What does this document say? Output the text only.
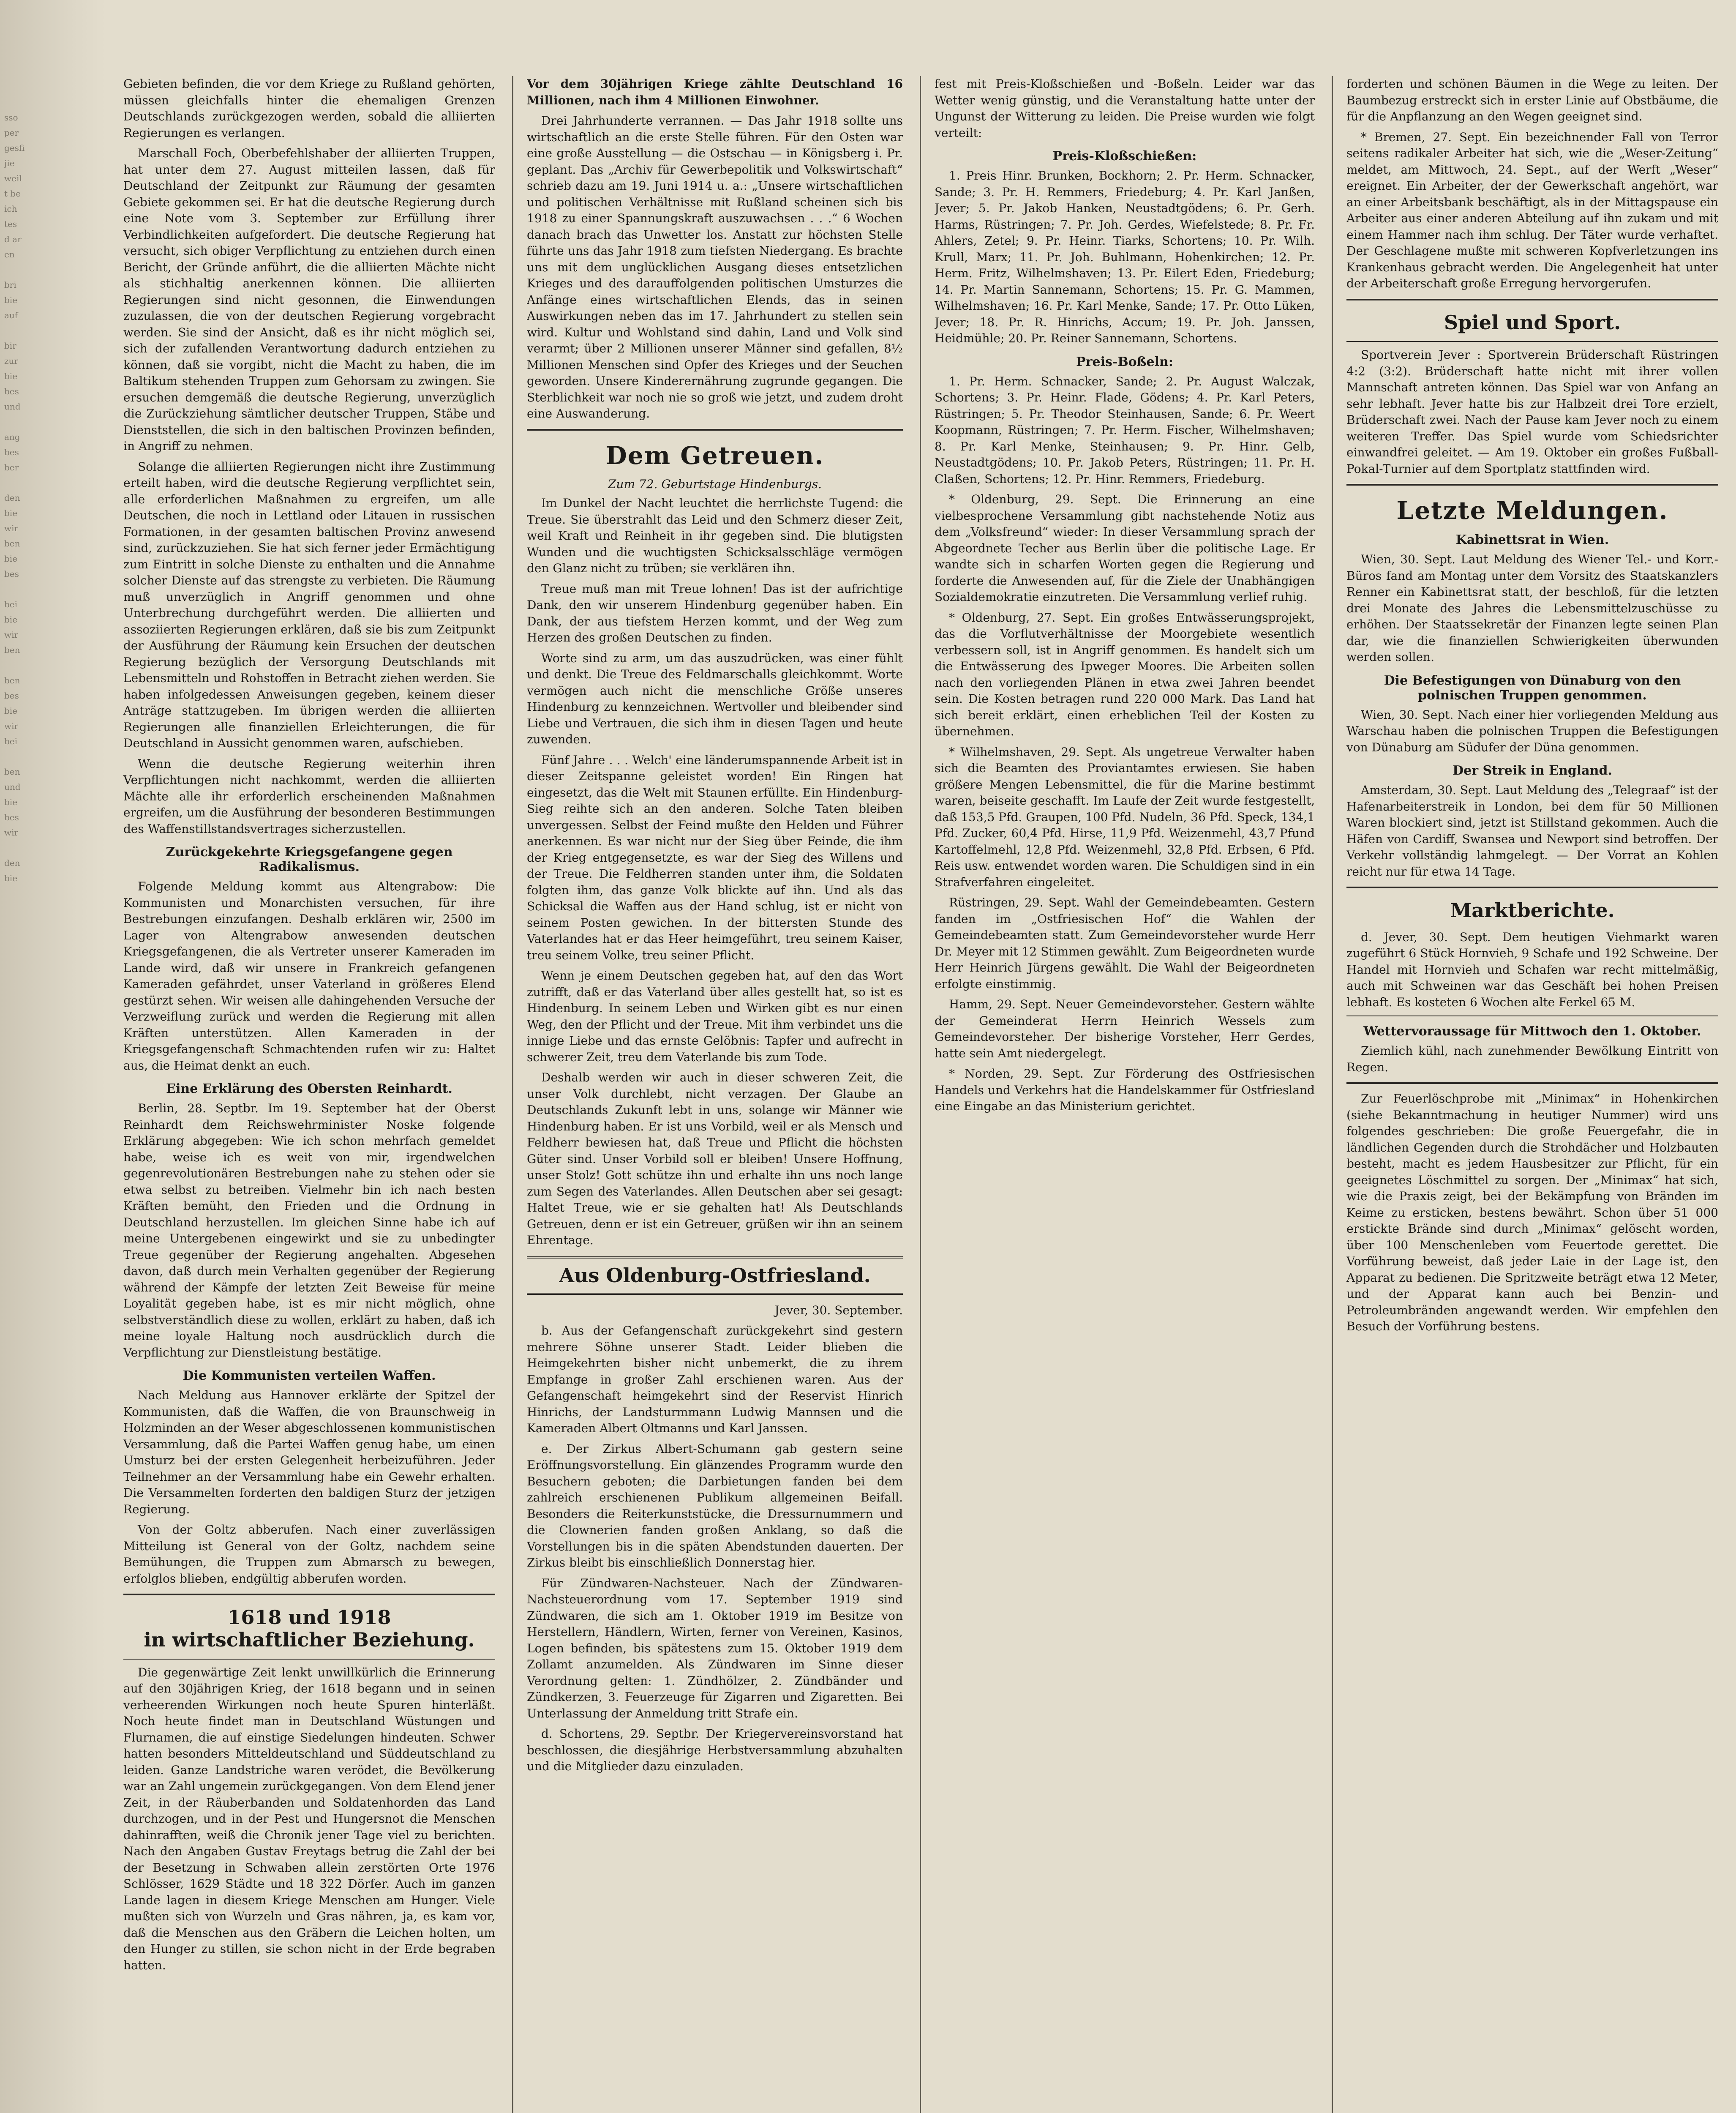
sso
per
gesfi
jie
weil
t be
ich
tes
d ar
en

bri
bie
auf

bir
zur
bie
bes
und

ang
bes
ber

den
bie
wir
ben
bie
bes

bei
bie
wir
ben

ben
bes
bie
wir
bei

ben
und
bie
bes
wir

den
bie

Gebieten befinden, die vor dem Kriege zu Rußland gehörten, müssen gleichfalls hinter die ehemaligen Grenzen Deutschlands zurückgezogen werden, sobald die alliierten Regierungen es verlangen.

Marschall Foch, Oberbefehlshaber der alliierten Truppen, hat unter dem 27. August mitteilen lassen, daß für Deutschland der Zeitpunkt zur Räumung der gesamten Gebiete gekommen sei. Er hat die deutsche Regierung durch eine Note vom 3. September zur Erfüllung ihrer Verbindlichkeiten aufgefordert. Die deutsche Regierung hat versucht, sich obiger Verpflichtung zu entziehen durch einen Bericht, der Gründe anführt, die die alliierten Mächte nicht als stichhaltig anerkennen können. Die alliierten Regierungen sind nicht gesonnen, die Einwendungen zuzulassen, die von der deutschen Regierung vorgebracht werden. Sie sind der Ansicht, daß es ihr nicht möglich sei, sich der zufallenden Verantwortung dadurch entziehen zu können, daß sie vorgibt, nicht die Macht zu haben, die im Baltikum stehenden Truppen zum Gehorsam zu zwingen. Sie ersuchen demgemäß die deutsche Regierung, unverzüglich die Zurückziehung sämtlicher deutscher Truppen, Stäbe und Dienststellen, die sich in den baltischen Provinzen befinden, in Angriff zu nehmen.

Solange die alliierten Regierungen nicht ihre Zustimmung erteilt haben, wird die deutsche Regierung verpflichtet sein, alle erforderlichen Maßnahmen zu ergreifen, um alle Deutschen, die noch in Lettland oder Litauen in russischen Formationen, in der gesamten baltischen Provinz anwesend sind, zurückzuziehen. Sie hat sich ferner jeder Ermächtigung zum Eintritt in solche Dienste zu enthalten und die Annahme solcher Dienste auf das strengste zu verbieten. Die Räumung muß unverzüglich in Angriff genommen und ohne Unterbrechung durchgeführt werden. Die alliierten und assoziierten Regierungen erklären, daß sie bis zum Zeitpunkt der Ausführung der Räumung kein Ersuchen der deutschen Regierung bezüglich der Versorgung Deutschlands mit Lebensmitteln und Rohstoffen in Betracht ziehen werden. Sie haben infolgedessen Anweisungen gegeben, keinem dieser Anträge stattzugeben. Im übrigen werden die alliierten Regierungen alle finanziellen Erleichterungen, die für Deutschland in Aussicht genommen waren, aufschieben.

Wenn die deutsche Regierung weiterhin ihren Verpflichtungen nicht nachkommt, werden die alliierten Mächte alle ihr erforderlich erscheinenden Maßnahmen ergreifen, um die Ausführung der besonderen Bestimmungen des Waffenstillstandsvertrages sicherzustellen.

Zurückgekehrte Kriegsgefangene gegen Radikalismus.

Folgende Meldung kommt aus Altengrabow: Die Kommunisten und Monarchisten versuchen, für ihre Bestrebungen einzufangen. Deshalb erklären wir, 2500 im Lager von Altengrabow anwesenden deutschen Kriegsgefangenen, die als Vertreter unserer Kameraden im Lande wird, daß wir unsere in Frankreich gefangenen Kameraden gefährdet, unser Vaterland in größeres Elend gestürzt sehen. Wir weisen alle dahingehenden Versuche der Verzweiflung zurück und werden die Regierung mit allen Kräften unterstützen. Allen Kameraden in der Kriegsgefangenschaft Schmachtenden rufen wir zu: Haltet aus, die Heimat denkt an euch.

Eine Erklärung des Obersten Reinhardt.

Berlin, 28. Septbr. Im 19. September hat der Oberst Reinhardt dem Reichswehrminister Noske folgende Erklärung abgegeben: Wie ich schon mehrfach gemeldet habe, weise ich es weit von mir, irgendwelchen gegenrevolutionären Bestrebungen nahe zu stehen oder sie etwa selbst zu betreiben. Vielmehr bin ich nach besten Kräften bemüht, den Frieden und die Ordnung in Deutschland herzustellen. Im gleichen Sinne habe ich auf meine Untergebenen eingewirkt und sie zu unbedingter Treue gegenüber der Regierung angehalten. Abgesehen davon, daß durch mein Verhalten gegenüber der Regierung während der Kämpfe der letzten Zeit Beweise für meine Loyalität gegeben habe, ist es mir nicht möglich, ohne selbstverständlich diese zu wollen, erklärt zu haben, daß ich meine loyale Haltung noch ausdrücklich durch die Verpflichtung zur Dienstleistung bestätige.

Die Kommunisten verteilen Waffen.

Nach Meldung aus Hannover erklärte der Spitzel der Kommunisten, daß die Waffen, die von Braunschweig in Holzminden an der Weser abgeschlossenen kommunistischen Versammlung, daß die Partei Waffen genug habe, um einen Umsturz bei der ersten Gelegenheit herbeizuführen. Jeder Teilnehmer an der Versammlung habe ein Gewehr erhalten. Die Versammelten forderten den baldigen Sturz der jetzigen Regierung.

Von der Goltz abberufen. Nach einer zuverlässigen Mitteilung ist General von der Goltz, nachdem seine Bemühungen, die Truppen zum Abmarsch zu bewegen, erfolglos blieben, endgültig abberufen worden.

1618 und 1918
in wirtschaftlicher Beziehung.

Die gegenwärtige Zeit lenkt unwillkürlich die Erinnerung auf den 30jährigen Krieg, der 1618 begann und in seinen verheerenden Wirkungen noch heute Spuren hinterläßt. Noch heute findet man in Deutschland Wüstungen und Flurnamen, die auf einstige Siedelungen hindeuten. Schwer hatten besonders Mitteldeutschland und Süddeutschland zu leiden. Ganze Landstriche waren verödet, die Bevölkerung war an Zahl ungemein zurückgegangen. Von dem Elend jener Zeit, in der Räuberbanden und Soldatenhorden das Land durchzogen, und in der Pest und Hungersnot die Menschen dahinrafften, weiß die Chronik jener Tage viel zu berichten. Nach den Angaben Gustav Freytags betrug die Zahl der bei der Besetzung in Schwaben allein zerstörten Orte 1976 Schlösser, 1629 Städte und 18 322 Dörfer. Auch im ganzen Lande lagen in diesem Kriege Menschen am Hunger. Viele mußten sich von Wurzeln und Gras nähren, ja, es kam vor, daß die Menschen aus den Gräbern die Leichen holten, um den Hunger zu stillen, sie schon nicht in der Erde begraben hatten.

Vor dem 30jährigen Kriege zählte Deutschland 16 Millionen, nach ihm 4 Millionen Einwohner.

Drei Jahrhunderte verrannen. — Das Jahr 1918 sollte uns wirtschaftlich an die erste Stelle führen. Für den Osten war eine große Ausstellung — die Ostschau — in Königsberg i. Pr. geplant. Das „Archiv für Gewerbepolitik und Volkswirtschaft“ schrieb dazu am 19. Juni 1914 u. a.: „Unsere wirtschaftlichen und politischen Verhältnisse mit Rußland scheinen sich bis 1918 zu einer Spannungskraft auszuwachsen . . .“ 6 Wochen danach brach das Unwetter los. Anstatt zur höchsten Stelle führte uns das Jahr 1918 zum tiefsten Niedergang. Es brachte uns mit dem unglücklichen Ausgang dieses entsetzlichen Krieges und des darauffolgenden politischen Umsturzes die Anfänge eines wirtschaftlichen Elends, das in seinen Auswirkungen neben das im 17. Jahrhundert zu stellen sein wird. Kultur und Wohlstand sind dahin, Land und Volk sind verarmt; über 2 Millionen unserer Männer sind gefallen, 8½ Millionen Menschen sind Opfer des Krieges und der Seuchen geworden. Unsere Kinderernährung zugrunde gegangen. Die Sterblichkeit war noch nie so groß wie jetzt, und zudem droht eine Auswanderung.

Dem Getreuen.
Zum 72. Geburtstage Hindenburgs.

Im Dunkel der Nacht leuchtet die herrlichste Tugend: die Treue. Sie überstrahlt das Leid und den Schmerz dieser Zeit, weil Kraft und Reinheit in ihr gegeben sind. Die blutigsten Wunden und die wuchtigsten Schicksalsschläge vermögen den Glanz nicht zu trüben; sie verklären ihn.

Treue muß man mit Treue lohnen! Das ist der aufrichtige Dank, den wir unserem Hindenburg gegenüber haben. Ein Dank, der aus tiefstem Herzen kommt, und der Weg zum Herzen des großen Deutschen zu finden.

Worte sind zu arm, um das auszudrücken, was einer fühlt und denkt. Die Treue des Feldmarschalls gleichkommt. Worte vermögen auch nicht die menschliche Größe unseres Hindenburg zu kennzeichnen. Wertvoller und bleibender sind Liebe und Vertrauen, die sich ihm in diesen Tagen und heute zuwenden.

Fünf Jahre . . . Welch' eine länderumspannende Arbeit ist in dieser Zeitspanne geleistet worden! Ein Ringen hat eingesetzt, das die Welt mit Staunen erfüllte. Ein Hindenburg-Sieg reihte sich an den anderen. Solche Taten bleiben unvergessen. Selbst der Feind mußte den Helden und Führer anerkennen. Es war nicht nur der Sieg über Feinde, die ihm der Krieg entgegensetzte, es war der Sieg des Willens und der Treue. Die Feldherren standen unter ihm, die Soldaten folgten ihm, das ganze Volk blickte auf ihn. Und als das Schicksal die Waffen aus der Hand schlug, ist er nicht von seinem Posten gewichen. In der bittersten Stunde des Vaterlandes hat er das Heer heimgeführt, treu seinem Kaiser, treu seinem Volke, treu seiner Pflicht.

Wenn je einem Deutschen gegeben hat, auf den das Wort zutrifft, daß er das Vaterland über alles gestellt hat, so ist es Hindenburg. In seinem Leben und Wirken gibt es nur einen Weg, den der Pflicht und der Treue. Mit ihm verbindet uns die innige Liebe und das ernste Gelöbnis: Tapfer und aufrecht in schwerer Zeit, treu dem Vaterlande bis zum Tode.

Deshalb werden wir auch in dieser schweren Zeit, die unser Volk durchlebt, nicht verzagen. Der Glaube an Deutschlands Zukunft lebt in uns, solange wir Männer wie Hindenburg haben. Er ist uns Vorbild, weil er als Mensch und Feldherr bewiesen hat, daß Treue und Pflicht die höchsten Güter sind. Unser Vorbild soll er bleiben! Unsere Hoffnung, unser Stolz! Gott schütze ihn und erhalte ihn uns noch lange zum Segen des Vaterlandes. Allen Deutschen aber sei gesagt: Haltet Treue, wie er sie gehalten hat! Als Deutschlands Getreuen, denn er ist ein Getreuer, grüßen wir ihn an seinem Ehrentage.

Aus Oldenburg-Ostfriesland.

Jever, 30. September.

b. Aus der Gefangenschaft zurückgekehrt sind gestern mehrere Söhne unserer Stadt. Leider blieben die Heimgekehrten bisher nicht unbemerkt, die zu ihrem Empfange in großer Zahl erschienen waren. Aus der Gefangenschaft heimgekehrt sind der Reservist Hinrich Hinrichs, der Landsturmmann Ludwig Mannsen und die Kameraden Albert Oltmanns und Karl Janssen.

e. Der Zirkus Albert-Schumann gab gestern seine Eröffnungsvorstellung. Ein glänzendes Programm wurde den Besuchern geboten; die Darbietungen fanden bei dem zahlreich erschienenen Publikum allgemeinen Beifall. Besonders die Reiterkunststücke, die Dressurnummern und die Clownerien fanden großen Anklang, so daß die Vorstellungen bis in die späten Abendstunden dauerten. Der Zirkus bleibt bis einschließlich Donnerstag hier.

Für Zündwaren-Nachsteuer. Nach der Zündwaren-Nachsteuerordnung vom 17. September 1919 sind Zündwaren, die sich am 1. Oktober 1919 im Besitze von Herstellern, Händlern, Wirten, ferner von Vereinen, Kasinos, Logen befinden, bis spätestens zum 15. Oktober 1919 dem Zollamt anzumelden. Als Zündwaren im Sinne dieser Verordnung gelten: 1. Zündhölzer, 2. Zündbänder und Zündkerzen, 3. Feuerzeuge für Zigarren und Zigaretten. Bei Unterlassung der Anmeldung tritt Strafe ein.

d. Schortens, 29. Septbr. Der Kriegervereinsvorstand hat beschlossen, die diesjährige Herbstversammlung abzuhalten und die Mitglieder dazu einzuladen.

fest mit Preis-Kloßschießen und -Boßeln. Leider war das Wetter wenig günstig, und die Veranstaltung hatte unter der Ungunst der Witterung zu leiden. Die Preise wurden wie folgt verteilt:

Preis-Kloßschießen:

1. Preis Hinr. Brunken, Bockhorn; 2. Pr. Herm. Schnacker, Sande; 3. Pr. H. Remmers, Friedeburg; 4. Pr. Karl Janßen, Jever; 5. Pr. Jakob Hanken, Neustadtgödens; 6. Pr. Gerh. Harms, Rüstringen; 7. Pr. Joh. Gerdes, Wiefelstede; 8. Pr. Fr. Ahlers, Zetel; 9. Pr. Heinr. Tiarks, Schortens; 10. Pr. Wilh. Krull, Marx; 11. Pr. Joh. Buhlmann, Hohenkirchen; 12. Pr. Herm. Fritz, Wilhelmshaven; 13. Pr. Eilert Eden, Friedeburg; 14. Pr. Martin Sannemann, Schortens; 15. Pr. G. Mammen, Wilhelmshaven; 16. Pr. Karl Menke, Sande; 17. Pr. Otto Lüken, Jever; 18. Pr. R. Hinrichs, Accum; 19. Pr. Joh. Janssen, Heidmühle; 20. Pr. Reiner Sannemann, Schortens.

Preis-Boßeln:

1. Pr. Herm. Schnacker, Sande; 2. Pr. August Walczak, Schortens; 3. Pr. Heinr. Flade, Gödens; 4. Pr. Karl Peters, Rüstringen; 5. Pr. Theodor Steinhausen, Sande; 6. Pr. Weert Koopmann, Rüstringen; 7. Pr. Herm. Fischer, Wilhelmshaven; 8. Pr. Karl Menke, Steinhausen; 9. Pr. Hinr. Gelb, Neustadtgödens; 10. Pr. Jakob Peters, Rüstringen; 11. Pr. H. Claßen, Schortens; 12. Pr. Hinr. Remmers, Friedeburg.

* Oldenburg, 29. Sept. Die Erinnerung an eine vielbesprochene Versammlung gibt nachstehende Notiz aus dem „Volksfreund“ wieder: In dieser Versammlung sprach der Abgeordnete Techer aus Berlin über die politische Lage. Er wandte sich in scharfen Worten gegen die Regierung und forderte die Anwesenden auf, für die Ziele der Unabhängigen Sozialdemokratie einzutreten. Die Versammlung verlief ruhig.

* Oldenburg, 27. Sept. Ein großes Entwässerungsprojekt, das die Vorflutverhältnisse der Moorgebiete wesentlich verbessern soll, ist in Angriff genommen. Es handelt sich um die Entwässerung des Ipweger Moores. Die Arbeiten sollen nach den vorliegenden Plänen in etwa zwei Jahren beendet sein. Die Kosten betragen rund 220 000 Mark. Das Land hat sich bereit erklärt, einen erheblichen Teil der Kosten zu übernehmen.

* Wilhelmshaven, 29. Sept. Als ungetreue Verwalter haben sich die Beamten des Proviantamtes erwiesen. Sie haben größere Mengen Lebensmittel, die für die Marine bestimmt waren, beiseite geschafft. Im Laufe der Zeit wurde festgestellt, daß 153,5 Pfd. Graupen, 100 Pfd. Nudeln, 36 Pfd. Speck, 134,1 Pfd. Zucker, 60,4 Pfd. Hirse, 11,9 Pfd. Weizenmehl, 43,7 Pfund Kartoffelmehl, 12,8 Pfd. Weizenmehl, 32,8 Pfd. Erbsen, 6 Pfd. Reis usw. entwendet worden waren. Die Schuldigen sind in ein Strafverfahren eingeleitet.

Rüstringen, 29. Sept. Wahl der Gemeindebeamten. Gestern fanden im „Ostfriesischen Hof“ die Wahlen der Gemeindebeamten statt. Zum Gemeindevorsteher wurde Herr Dr. Meyer mit 12 Stimmen gewählt. Zum Beigeordneten wurde Herr Heinrich Jürgens gewählt. Die Wahl der Beigeordneten erfolgte einstimmig.

Hamm, 29. Sept. Neuer Gemeindevorsteher. Gestern wählte der Gemeinderat Herrn Heinrich Wessels zum Gemeindevorsteher. Der bisherige Vorsteher, Herr Gerdes, hatte sein Amt niedergelegt.

* Norden, 29. Sept. Zur Förderung des Ostfriesischen Handels und Verkehrs hat die Handelskammer für Ostfriesland eine Eingabe an das Ministerium gerichtet.

forderten und schönen Bäumen in die Wege zu leiten. Der Baumbezug erstreckt sich in erster Linie auf Obstbäume, die für die Anpflanzung an den Wegen geeignet sind.

* Bremen, 27. Sept. Ein bezeichnender Fall von Terror seitens radikaler Arbeiter hat sich, wie die „Weser-Zeitung“ meldet, am Mittwoch, 24. Sept., auf der Werft „Weser“ ereignet. Ein Arbeiter, der der Gewerkschaft angehört, war an einer Arbeitsbank beschäftigt, als in der Mittagspause ein Arbeiter aus einer anderen Abteilung auf ihn zukam und mit einem Hammer nach ihm schlug. Der Täter wurde verhaftet. Der Geschlagene mußte mit schweren Kopfverletzungen ins Krankenhaus gebracht werden. Die Angelegenheit hat unter der Arbeiterschaft große Erregung hervorgerufen.

Spiel und Sport.

Sportverein Jever : Sportverein Brüderschaft Rüstringen 4:2 (3:2). Brüderschaft hatte nicht mit ihrer vollen Mannschaft antreten können. Das Spiel war von Anfang an sehr lebhaft. Jever hatte bis zur Halbzeit drei Tore erzielt, Brüderschaft zwei. Nach der Pause kam Jever noch zu einem weiteren Treffer. Das Spiel wurde vom Schiedsrichter einwandfrei geleitet. — Am 19. Oktober ein großes Fußball-Pokal-Turnier auf dem Sportplatz stattfinden wird.

Letzte Meldungen.
Kabinettsrat in Wien.

Wien, 30. Sept. Laut Meldung des Wiener Tel.- und Korr.-Büros fand am Montag unter dem Vorsitz des Staatskanzlers Renner ein Kabinettsrat statt, der beschloß, für die letzten drei Monate des Jahres die Lebensmittelzuschüsse zu erhöhen. Der Staatssekretär der Finanzen legte seinen Plan dar, wie die finanziellen Schwierigkeiten überwunden werden sollen.

Die Befestigungen von Dünaburg von den polnischen Truppen genommen.

Wien, 30. Sept. Nach einer hier vorliegenden Meldung aus Warschau haben die polnischen Truppen die Befestigungen von Dünaburg am Südufer der Düna genommen.

Der Streik in England.

Amsterdam, 30. Sept. Laut Meldung des „Telegraaf“ ist der Hafenarbeiterstreik in London, bei dem für 50 Millionen Waren blockiert sind, jetzt ist Stillstand gekommen. Auch die Häfen von Cardiff, Swansea und Newport sind betroffen. Der Verkehr vollständig lahmgelegt. — Der Vorrat an Kohlen reicht nur für etwa 14 Tage.

Marktberichte.

d. Jever, 30. Sept. Dem heutigen Viehmarkt waren zugeführt 6 Stück Hornvieh, 9 Schafe und 192 Schweine. Der Handel mit Hornvieh und Schafen war recht mittelmäßig, auch mit Schweinen war das Geschäft bei hohen Preisen lebhaft. Es kosteten 6 Wochen alte Ferkel 65 M.

Wettervoraussage für Mittwoch den 1. Oktober.

Ziemlich kühl, nach zunehmender Bewölkung Eintritt von Regen.

Zur Feuerlöschprobe mit „Minimax“ in Hohenkirchen (siehe Bekanntmachung in heutiger Nummer) wird uns folgendes geschrieben: Die große Feuergefahr, die in ländlichen Gegenden durch die Strohdächer und Holzbauten besteht, macht es jedem Hausbesitzer zur Pflicht, für ein geeignetes Löschmittel zu sorgen. Der „Minimax“ hat sich, wie die Praxis zeigt, bei der Bekämpfung von Bränden im Keime zu ersticken, bestens bewährt. Schon über 51 000 erstickte Brände sind durch „Minimax“ gelöscht worden, über 100 Menschenleben vom Feuertode gerettet. Die Vorführung beweist, daß jeder Laie in der Lage ist, den Apparat zu bedienen. Die Spritzweite beträgt etwa 12 Meter, und der Apparat kann auch bei Benzin- und Petroleumbränden angewandt werden. Wir empfehlen den Besuch der Vorführung bestens.
